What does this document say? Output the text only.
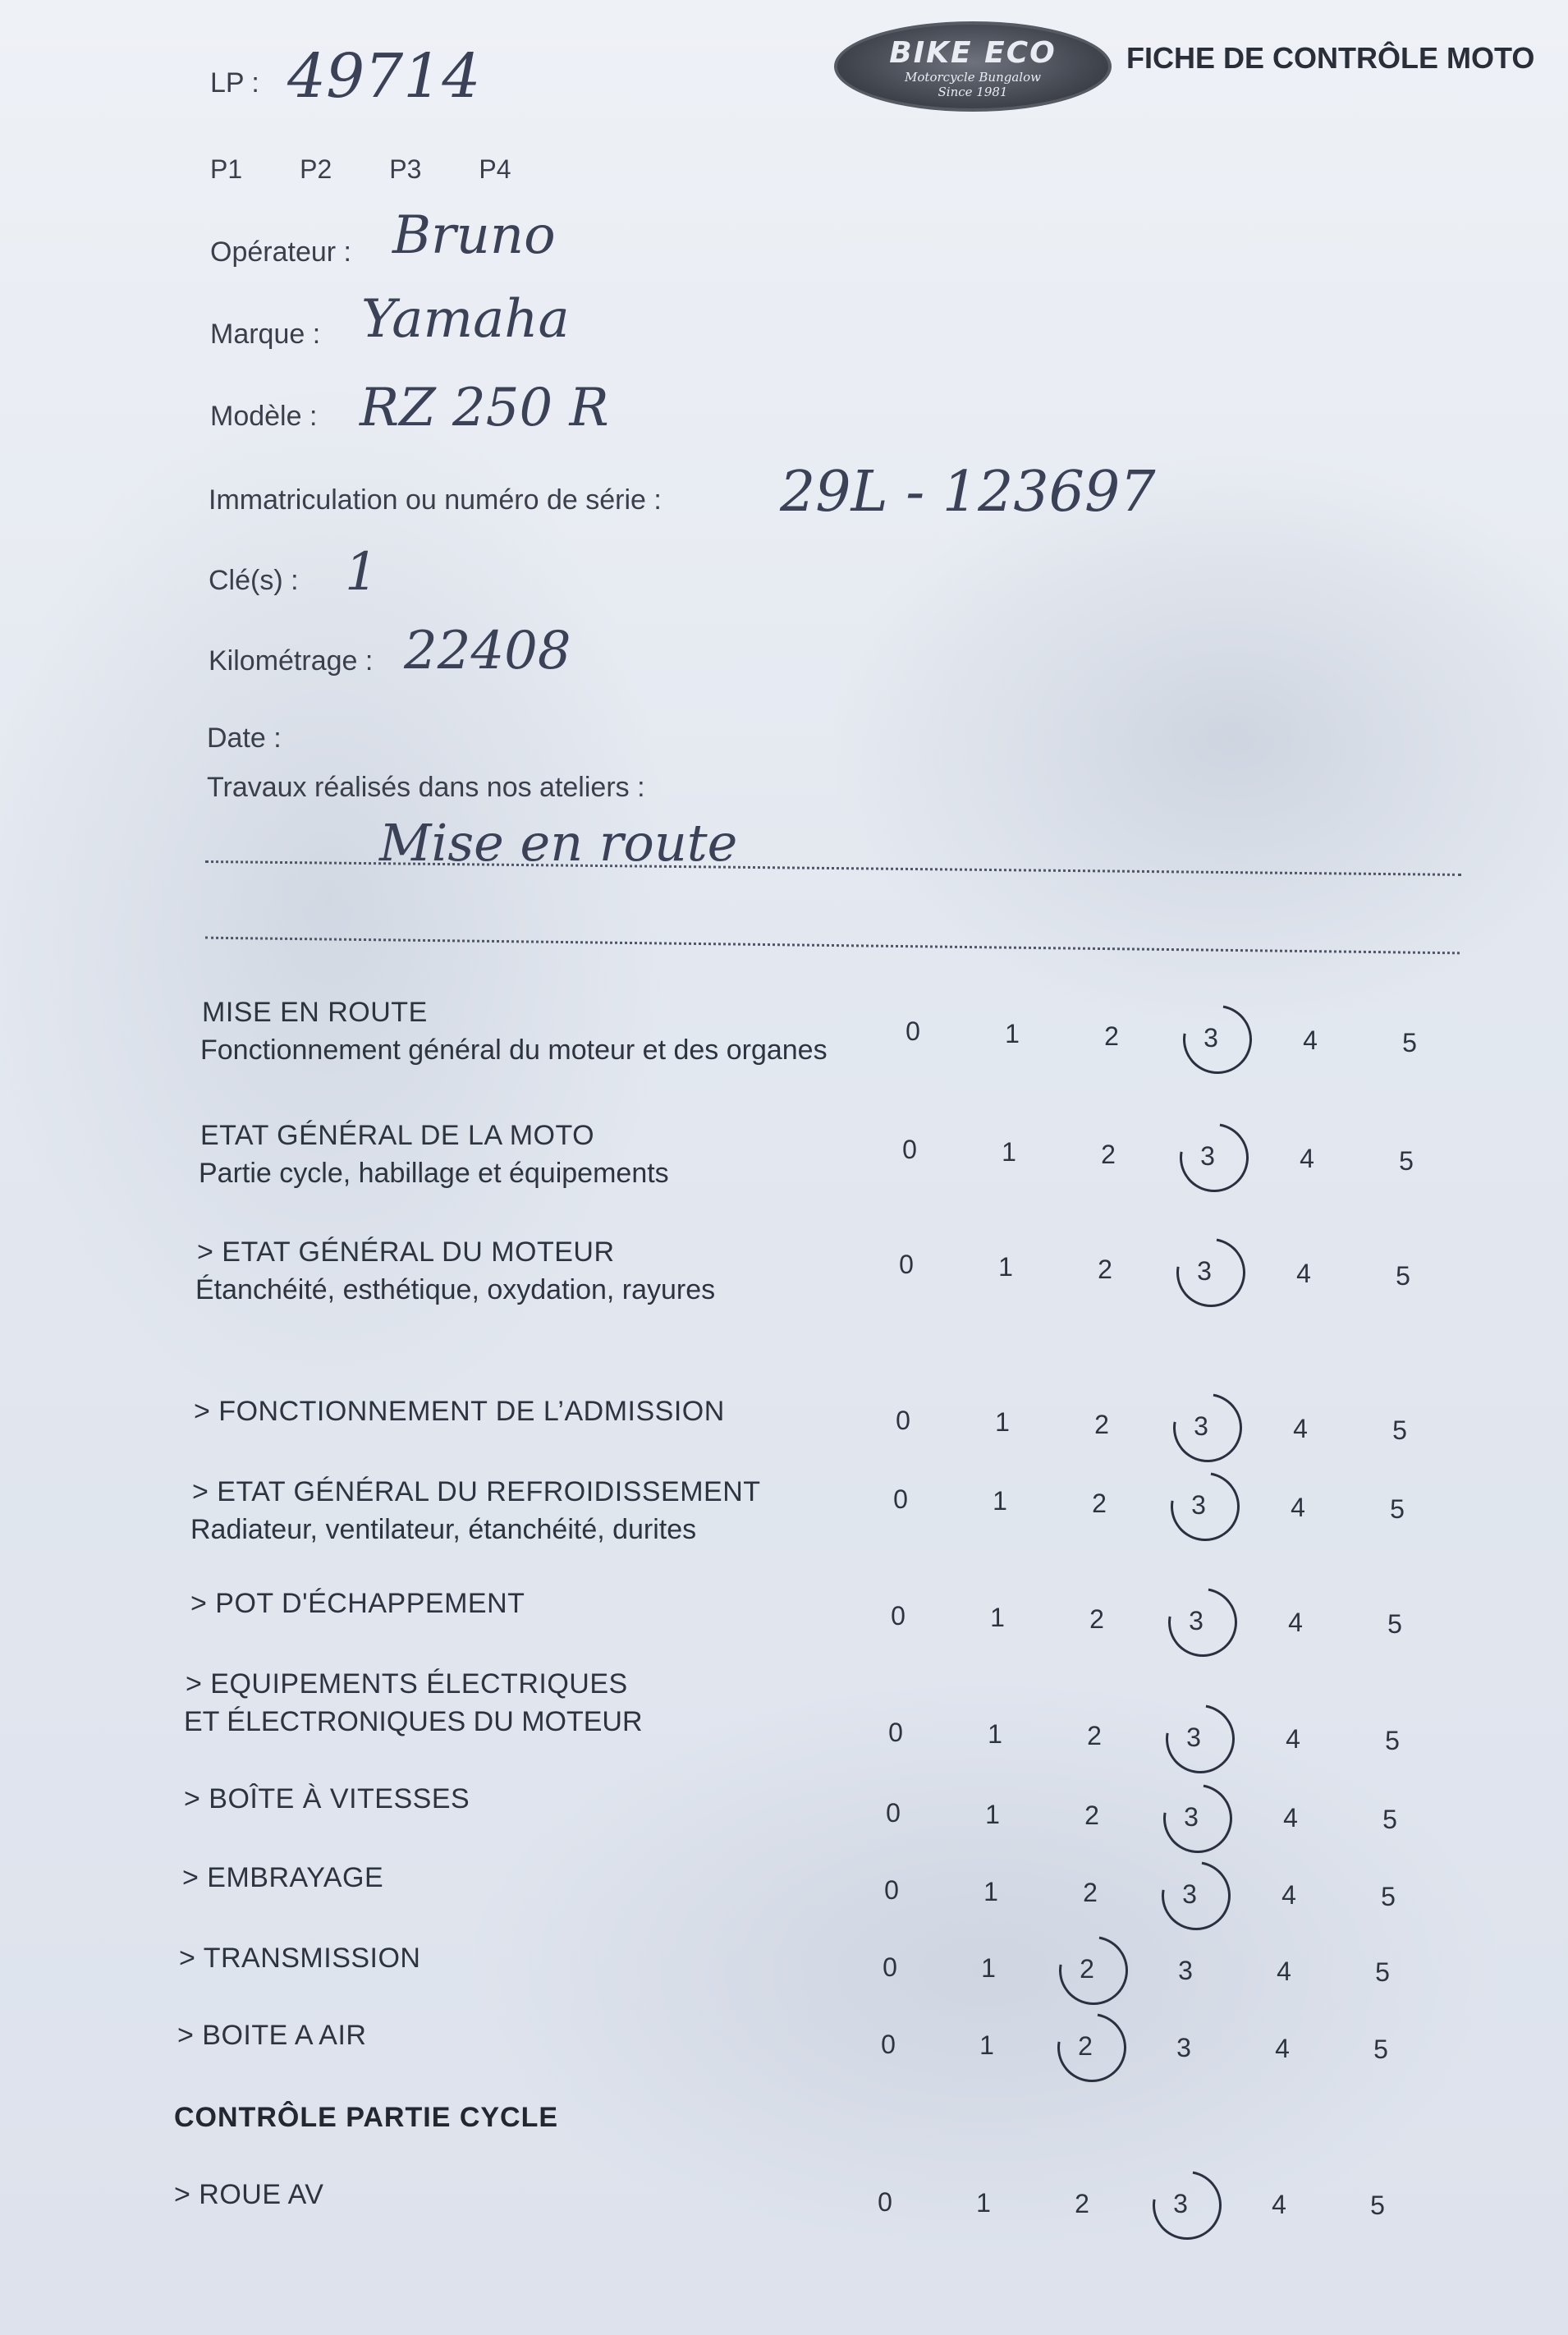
BIKE ECO
Motorcycle Bungalow
Since 1981
FICHE DE CONTRÔLE MOTO
LP : 49714
P1 P2 P3 P4
Opérateur : Bruno
Marque : Yamaha
Modèle : RZ 250 R
Immatriculation ou numéro de série : 29L - 123697
Clé(s) : 1
Kilométrage : 22408
Date :
Travaux réalisés dans nos ateliers :
Mise en route
MISE EN ROUTE
Fonctionnement général du moteur et des organes
0	1	2	3	4	5
ETAT GÉNÉRAL DE LA MOTO
Partie cycle, habillage et équipements
0	1	2	3	4	5
> ETAT GÉNÉRAL DU MOTEUR
Étanchéité, esthétique, oxydation, rayures
0	1	2	3	4	5
> FONCTIONNEMENT DE L’ADMISSION	0	1	2	3	4	5
> ETAT GÉNÉRAL DU REFROIDISSEMENT
Radiateur, ventilateur, étanchéité, durites
0	1	2	3	4	5
> POT D'ÉCHAPPEMENT	0	1	2	3	4	5
> EQUIPEMENTS ÉLECTRIQUES
ET ÉLECTRONIQUES DU MOTEUR	0	1	2	3	4	5
> BOÎTE À VITESSES	0	1	2	3	4	5
> EMBRAYAGE	0	1	2	3	4	5
> TRANSMISSION	0	1	2	3	4	5
> BOITE A AIR	0	1	2	3	4	5
CONTRÔLE PARTIE CYCLE
> ROUE AV	0	1	2	3	4	5
